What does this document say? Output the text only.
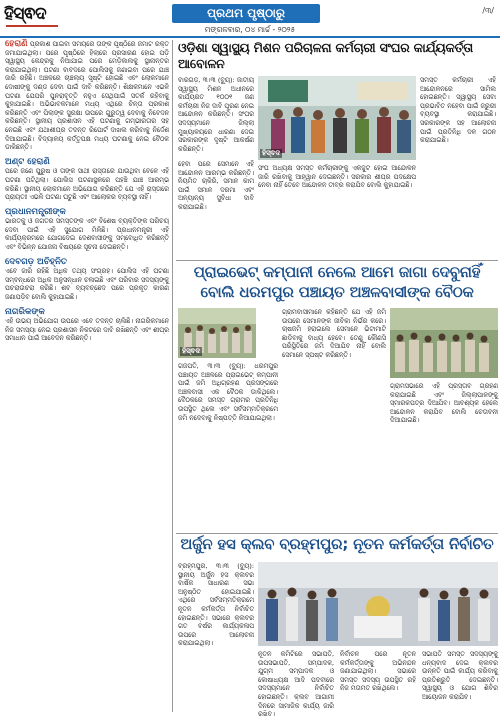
ହିସ୍ଵଦ	ପ୍ରଥମ ପୃଷ୍ଠାରୁ	/୩/
ମଙ୍ଗଳବାର, ୦୪ ମାର୍ଚ୍ଚ - ୨୦୨୫
ହେରାଣି ପ୍ରକାଶ ପାଇବା ସମୟରେ ତାଙ୍କ ପୃଷ୍ଠିରେ ଜମାଟ ରକ୍ତ ଜମାଯାଇଥିଲା। ପରେ ପୃଷ୍ଠିରେ ହିଲାରେ ପ୍ରସାରଣ ହୋଇ ପଡ଼ି ସ୍ୱାସ୍ଥ୍ୟ କେନ୍ଦ୍ରକୁ ନିଆଯାଇ ପରେ ମେଡ଼ିକାଲକୁ ସ୍ଥାନାନ୍ତର କରାଯାଇଥିଲା। ଘଟଣା ବାବଦରେ ପୋଲିସକୁ ଜଣାଇବା ପରେ ଯାଞ୍ଚ ଜାରି ରହିଛି। ଅଞ୍ଚଳରେ ଚାଞ୍ଚଲ୍ୟ ସୃଷ୍ଟି ହୋଇଛି ଏବଂ ଲୋକମାନେ ଦୋଷୀଙ୍କୁ ଦଣ୍ଡ ଦେବା ପାଇଁ ଦାବି କରିଛନ୍ତି। ଶିକ୍ଷକମାନେ ଏଭଳି ଘଟଣା ଯେପରି ପୁନରାବୃତ୍ତି ନହୁଏ ସେଥିପାଇଁ ସତର୍କ ରହିବାକୁ କୁହାଯାଇଛି। ଅଭିଭାବକମାନେ ମଧ୍ୟ ଏଥିରେ ଚିନ୍ତା ପ୍ରକାଶ କରିଛନ୍ତି ଏବଂ ପିଲାଙ୍କ ସୁରକ୍ଷା ଉପରେ ଗୁରୁତ୍ୱ ଦେବାକୁ ନିବେଦନ କରିଛନ୍ତି। ସ୍ଥାନୀୟ ପ୍ରଶାସନ ଏହି ଘଟଣାକୁ ଗମ୍ଭୀରତାର ସହ ନେଇଛି ଏବଂ ଯଥାଶୀଘ୍ର ତଦନ୍ତ ରିପୋର୍ଟ ଦାଖଲ କରିବାକୁ ନିର୍ଦ୍ଦେଶ ଦିଆଯାଇଛି। ବିଦ୍ୟାଳୟ କର୍ତ୍ତୃପକ୍ଷ ମଧ୍ୟ ଘଟଣାକୁ ନେଇ ବୈଠକ ଡାକିଛନ୍ତି।
ଅଣ୍ଟ ହେରାଣି

ପରେ ଜଣେ ପୁରୁଷ ଓ ତାଙ୍କ ସାଥୀ ରାସ୍ତାରେ ଯାଉଥିବା ବେଳେ ଏହି ଘଟଣା ଘଟିଥିଲା। ପୋଲିସ ଘଟଣାସ୍ଥଳରେ ପହଞ୍ଚି ଯାଞ୍ଚ ଆରମ୍ଭ କରିଛି। ସ୍ଥାନୀୟ ଲୋକମାନେ ଅଭିଯୋଗ କରିଛନ୍ତି ଯେ ଏହି ରାସ୍ତାରେ ପ୍ରାୟତଃ ଏଭଳି ଘଟଣା ଘଟୁଛି ଏବଂ ଆଲୋକର ବ୍ୟବସ୍ଥା ନାହିଁ।

ପ୍ରଧାନମନ୍ତ୍ରୀଙ୍କ

ଭାରତକୁ ଓ ଜଗତର ସମସ୍ତଙ୍କ ଏବଂ ବିଶେଷ ବ୍ୟକ୍ତିଙ୍କ ପରିଚୟ ଦେବା ପାଇଁ ଏହି ସୁଯୋଗ ମିଳିଛି। ପ୍ରଧାନମନ୍ତ୍ରୀ ଏହି କାର୍ଯ୍ୟକ୍ରମରେ ଯୋଗଦେଇ ଦେଶବାସୀଙ୍କୁ ସମ୍ବୋଧିତ କରିଛନ୍ତି ଏବଂ ବିଭିନ୍ନ ଯୋଜନା ବିଷୟରେ ସୂଚନା ଦେଇଛନ୍ତି।

ଦେବଗଡ଼ ଅଚିହ୍ନିତ

ଏବେ ଜାରି ରହିଛି ଅଧିକ ତଥ୍ୟ ସଂଗ୍ରହ। ପୋଲିସ ଏହି ଘଟଣା ସମ୍ବନ୍ଧରେ ଅଧିକ ଅନୁସନ୍ଧାନ ଚଳାଇଛି ଏବଂ ପରିବାର ସଦସ୍ୟଙ୍କୁ ପଚରାଉଚରା କରିଛି। ଶବ ବ୍ୟବଚ୍ଛେଦ ପରେ ପ୍ରକୃତ କାରଣ ଜଣାପଡ଼ିବ ବୋଲି କୁହାଯାଇଛି।

ନାଗରିକଙ୍କ

ଏହି ଉଭୟ ଅଭିଯୋଗ ଉପରେ ଏବେ ତଦନ୍ତ ଚାଲିଛି। ନାଗରିକମାନେ ନିଜ ସମସ୍ୟା ନେଇ ପ୍ରଶାସନ ନିକଟରେ ଦାବି ରଖିଛନ୍ତି ଏବଂ ଶୀଘ୍ର ସମାଧାନ ପାଇଁ ଆବେଦନ କରିଛନ୍ତି।

ଓଡ଼ିଶା ସ୍ୱାସ୍ଥ୍ୟ ମିଶନ ପରିଚାଳନା କର୍ମଚାରୀ ସଂଘର କାର୍ଯ୍ୟକର୍ତ୍ତା ଆବୋଳନ

ବାରଗଡ଼, ୩।୩ (ବ୍ୟୁ): ଜାତୀୟ ସ୍ୱାସ୍ଥ୍ୟ ମିଶନ ଅଧୀନରେ କାର୍ଯ୍ୟରତ ୧୦୦୧ ଜଣ କର୍ମଚାରୀ ନିଜ ଦାବି ପୂରଣ ନେଇ ଆନ୍ଦୋଳନ କରିଛନ୍ତି। ସଂଘର ସଦସ୍ୟମାନେ ଜିଲ୍ଲା ମୁଖ୍ୟାଳୟରେ ଧାରଣା ଦେଇ ସରକାରଙ୍କ ଦୃଷ୍ଟି ଆକର୍ଷଣ କରିଛନ୍ତି।

ହିସ୍ଵଦ

ସମସ୍ତ କର୍ମଚାରୀ ଏହି ଆନ୍ଦୋଳନରେ ସାମିଲ ହୋଇଛନ୍ତି। ସ୍ୱାସ୍ଥ୍ୟ ସେବା ପ୍ରଭାବିତ ନହେବା ପାଇଁ ଜରୁରୀ ବ୍ୟବସ୍ଥା କରାଯାଇଛି। ସରକାରଙ୍କ ସହ ଆଲୋଚନା ପାଇଁ ପ୍ରତିନିଧି ଦଳ ଗଠନ କରାଯାଇଛି।

ହେବା ପରେ ସେମାନେ ଏହି ଆନ୍ଦୋଳନ ଆରମ୍ଭ କରିଛନ୍ତି। ନିୟମିତ ଚାକିରି, ସମାନ କାମ ପାଇଁ ସମାନ ଦରମା ଏବଂ ଅନ୍ୟାନ୍ୟ ସୁବିଧା ଦାବି କରାଯାଇଛି।

ସଂଘ ଅଧ୍ୟକ୍ଷ ସମସ୍ତ କର୍ମଚାରୀଙ୍କୁ ଏକଜୁଟ ହୋଇ ଆନ୍ଦୋଳନ ଜାରି ରଖିବାକୁ ଆହ୍ୱାନ ଦେଇଛନ୍ତି। ସରକାର ଶୀଘ୍ର ପଦକ୍ଷେପ ନେବା ନାହିଁ ତେବେ ଆନ୍ଦୋଳନ ତୀବ୍ର କରାଯିବ ବୋଲି କୁହାଯାଇଛି।

ପ୍ରାଇଭେଟ୍ କମ୍ପାନୀ ନେଲେ ଆମେ ଜାଗା ଦେବୁନାହିଁ
ବୋଲି ଧରମପୁର ପଞ୍ଚାୟତ ଅଞ୍ଚଳବାସୀଙ୍କ ବୈଠକ
ହିସ୍ଵଦ

ଗଜପତି, ୩।୩ (ବ୍ୟୁ): ଧରମପୁର ପଞ୍ଚାୟତ ଅଞ୍ଚଳରେ ପ୍ରାଇଭେଟ୍ କମ୍ପାନୀ ପାଇଁ ଜମି ଅଧିଗ୍ରହଣ ପ୍ରସଙ୍ଗରେ ଅଞ୍ଚଳବାସୀ ଏକ ବୈଠକ ଡାକିଥିଲେ। ବୈଠକରେ ସମସ୍ତ ଗ୍ରାମର ପ୍ରତିନିଧି ଉପସ୍ଥିତ ଥିଲେ ଏବଂ ସର୍ବସମ୍ମତିକ୍ରମେ ଜମି ନଦେବାକୁ ନିଷ୍ପତ୍ତି ନିଆଯାଇଥିଲା।

ଗ୍ରାମବାସୀମାନେ କହିଛନ୍ତି ଯେ ଏହି ଜମି ଉପରେ ସେମାନଙ୍କ ଜୀବିକା ନିର୍ଭର କରେ। ଚାଷଜମି ହରାଇଲେ ସେମାନେ ଭିଟାମାଟି ଛାଡ଼ିବାକୁ ବାଧ୍ୟ ହେବେ। ତେଣୁ କୌଣସି ପରିସ୍ଥିତିରେ ଜମି ଦିଆଯିବ ନାହିଁ ବୋଲି ସେମାନେ ସ୍ପଷ୍ଟ କରିଛନ୍ତି।

ଗ୍ରାମସଭାରେ ଏହି ପ୍ରସ୍ତାବ ଗ୍ରହଣ କରାଯାଇଛି ଏବଂ ଜିଲ୍ଲାପାଳଙ୍କୁ ସ୍ମାରକପତ୍ର ଦିଆଯିବ। ଆବଶ୍ୟକ ହେଲେ ଆନ୍ଦୋଳନ କରାଯିବ ବୋଲି ଚେତାବନୀ ଦିଆଯାଇଛି।

ଅର୍ଜୁନ ହସ କ୍ଲବ ବ୍ରହ୍ମପୁର; ନୂତନ କର୍ମକର୍ତ୍ତା ନିର୍ବାଚିତ

ବ୍ରହ୍ମପୁର, ୩।୩ (ବ୍ୟୁ): ସ୍ଥାନୀୟ ଅର୍ଜୁନ ହସ କ୍ଲବର ବାର୍ଷିକ ସାଧାରଣ ସଭା ଅନୁଷ୍ଠିତ ହୋଇଯାଇଛି। ଏଥିରେ ସର୍ବସମ୍ମତିକ୍ରମେ ନୂତନ କର୍ମକର୍ତ୍ତା ନିର୍ବାଚିତ ହୋଇଛନ୍ତି। ସଭାରେ କ୍ଲବର ଗତ ବର୍ଷର କାର୍ଯ୍ୟକଳାପ ଉପରେ ଆଲୋଚନା କରାଯାଇଥିଲା।

ନୂତନ କମିଟିରେ ସଭାପତି, ଉପସଭାପତି, ସମ୍ପାଦକ, ଯୁଗ୍ମ ସମ୍ପାଦକ ଓ କୋଷାଧ୍ୟକ୍ଷ ଆଦି ପଦବୀରେ ସଦସ୍ୟମାନେ ନିର୍ବାଚିତ ହୋଇଛନ୍ତି। କ୍ଲବ ଆଗାମୀ ଦିନରେ ସାମାଜିକ କାର୍ଯ୍ୟ ଜାରି ରଖିବ।

ନିର୍ବାଚନ ପରେ ନୂତନ କର୍ମକର୍ତ୍ତାଙ୍କୁ ଅଭିନନ୍ଦନ ଜଣାଯାଇଥିଲା। ସଭାରେ ସମସ୍ତ ସଦସ୍ୟ ଉପସ୍ଥିତ ରହି ନିଜ ମତାମତ ରଖିଥିଲେ।

ସଭାପତି ସମସ୍ତ ସଦସ୍ୟଙ୍କୁ ଧନ୍ୟବାଦ ଦେଇ କ୍ଲବର ଉନ୍ନତି ପାଇଁ କାର୍ଯ୍ୟ କରିବାକୁ ପ୍ରତିଶ୍ରୁତି ଦେଇଛନ୍ତି। ସ୍ୱାସ୍ଥ୍ୟ ଓ ଯୋଗ ଶିବିର ଆୟୋଜନ କରାଯିବ।
